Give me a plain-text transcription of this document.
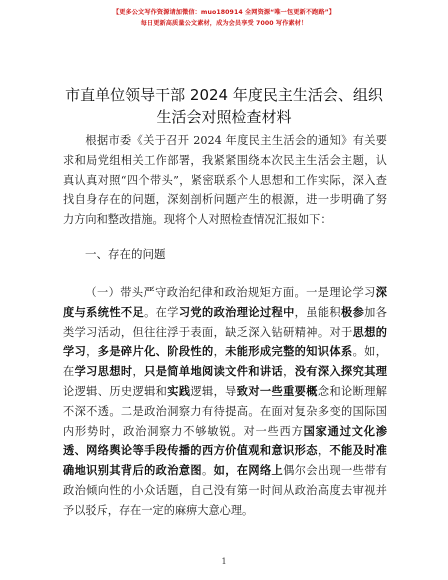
【更多公文写作资源请加微信：muo180914 全网资源“唯一包更新不跑路”】
每日更新高质量公文素材，成为会员享受 7000 写作素材！
市直单位领导干部 2024 年度民主生活会、组织
生活会对照检查材料

根据市委《关于召开 2024 年度民主生活会的通知》有关要求和局党组相关工作部署，我紧紧围绕本次民主生活会主题，认真认真对照“四个带头”，紧密联系个人思想和工作实际，深入查找自身存在的问题，深刻剖析问题产生的根源，进一步明确了努力方向和整改措施。现将个人对照检查情况汇报如下：

一、存在的问题

（一）带头严守政治纪律和政治规矩方面。一是理论学习深度与系统性不足。在学习党的政治理论过程中，虽能积极参加各类学习活动，但往往浮于表面，缺乏深入钻研精神。对于思想的学习，多是碎片化、阶段性的，未能形成完整的知识体系。如，在学习思想时，只是简单地阅读文件和讲话，没有深入探究其理论逻辑、历史逻辑和实践逻辑，导致对一些重要概念和论断理解不深不透。二是政治洞察力有待提高。在面对复杂多变的国际国内形势时，政治洞察力不够敏锐。对一些西方国家通过文化渗透、网络舆论等手段传播的西方价值观和意识形态，不能及时准确地识别其背后的政治意图。如，在网络上偶尔会出现一些带有政治倾向性的小众话题，自己没有第一时间从政治高度去审视并予以驳斥，存在一定的麻痹大意心理。

1
